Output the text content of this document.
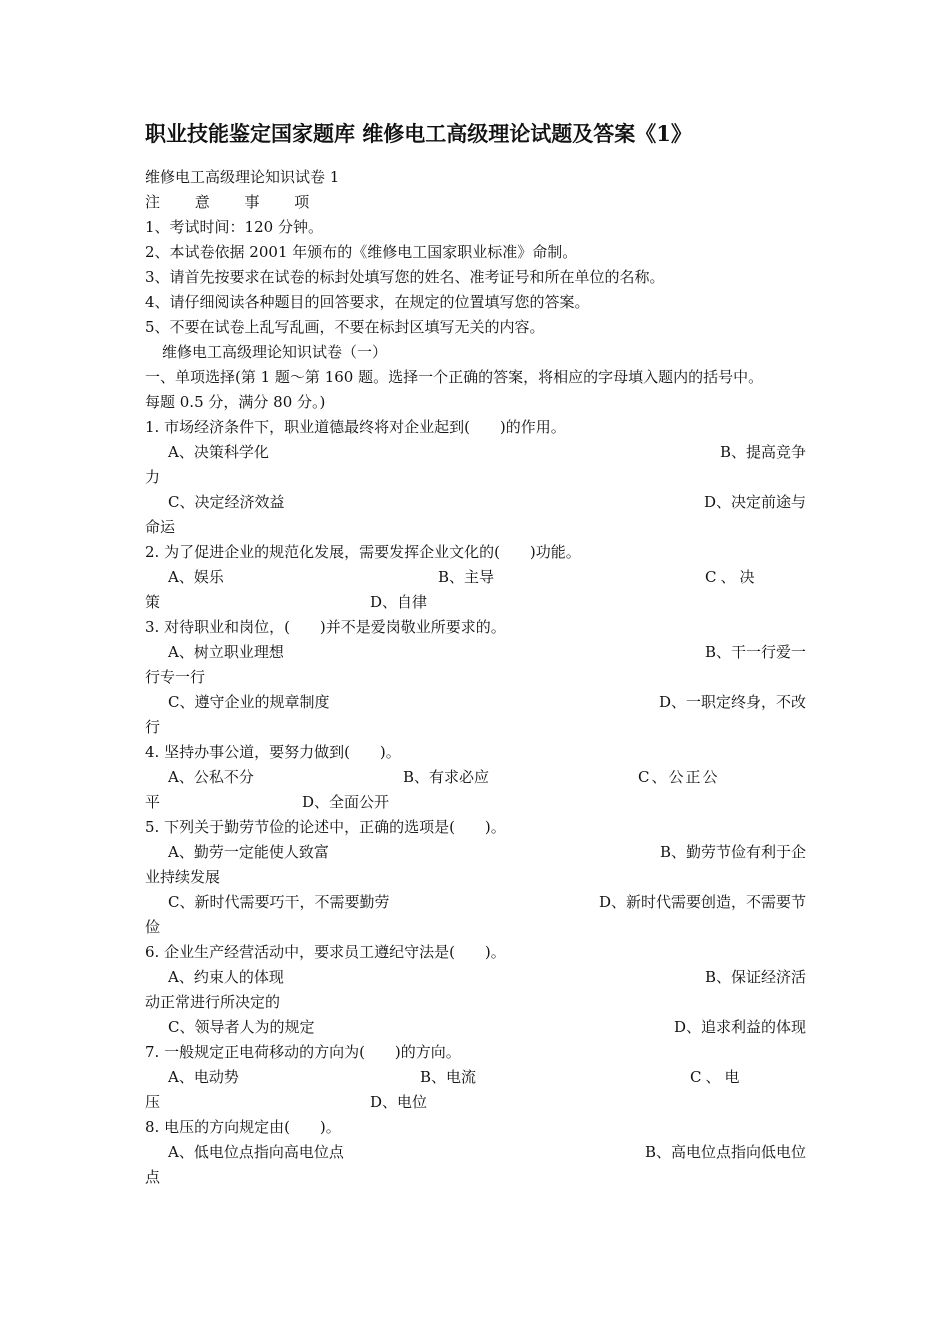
职业技能鉴定国家题库 维修电工高级理论试题及答案《1》
维修电工高级理论知识试卷 1
注 意 事 项
1、考试时间：120 分钟。
2、本试卷依据 2001 年颁布的《维修电工国家职业标准》命制。
3、请首先按要求在试卷的标封处填写您的姓名、准考证号和所在单位的名称。
4、请仔细阅读各种题目的回答要求，在规定的位置填写您的答案。
5、不要在试卷上乱写乱画，不要在标封区填写无关的内容。
维修电工高级理论知识试卷（一）
一、单项选择(第 1 题～第 160 题。选择一个正确的答案，将相应的字母填入题内的括号中。
每题 0.5 分，满分 80 分。)
1. 市场经济条件下，职业道德最终将对企业起到(　　)的作用。
A、决策科学化	B、提高竞争
力
C、决定经济效益	D、决定前途与
命运
2. 为了促进企业的规范化发展，需要发挥企业文化的(　　)功能。
A、娱乐	B、主导	C、决
策	D、自律
3. 对待职业和岗位，(　　)并不是爱岗敬业所要求的。
A、树立职业理想	B、干一行爱一
行专一行
C、遵守企业的规章制度	D、一职定终身，不改
行
4. 坚持办事公道，要努力做到(　　)。
A、公私不分	B、有求必应	C、公正公
平	D、全面公开
5. 下列关于勤劳节俭的论述中，正确的选项是(　　)。
A、勤劳一定能使人致富	B、勤劳节俭有利于企
业持续发展
C、新时代需要巧干，不需要勤劳	D、新时代需要创造，不需要节
俭
6. 企业生产经营活动中，要求员工遵纪守法是(　　)。
A、约束人的体现	B、保证经济活
动正常进行所决定的
C、领导者人为的规定	D、追求利益的体现
7. 一般规定正电荷移动的方向为(　　)的方向。
A、电动势	B、电流	C、电
压	D、电位
8. 电压的方向规定由(　　)。
A、低电位点指向高电位点	B、高电位点指向低电位
点
